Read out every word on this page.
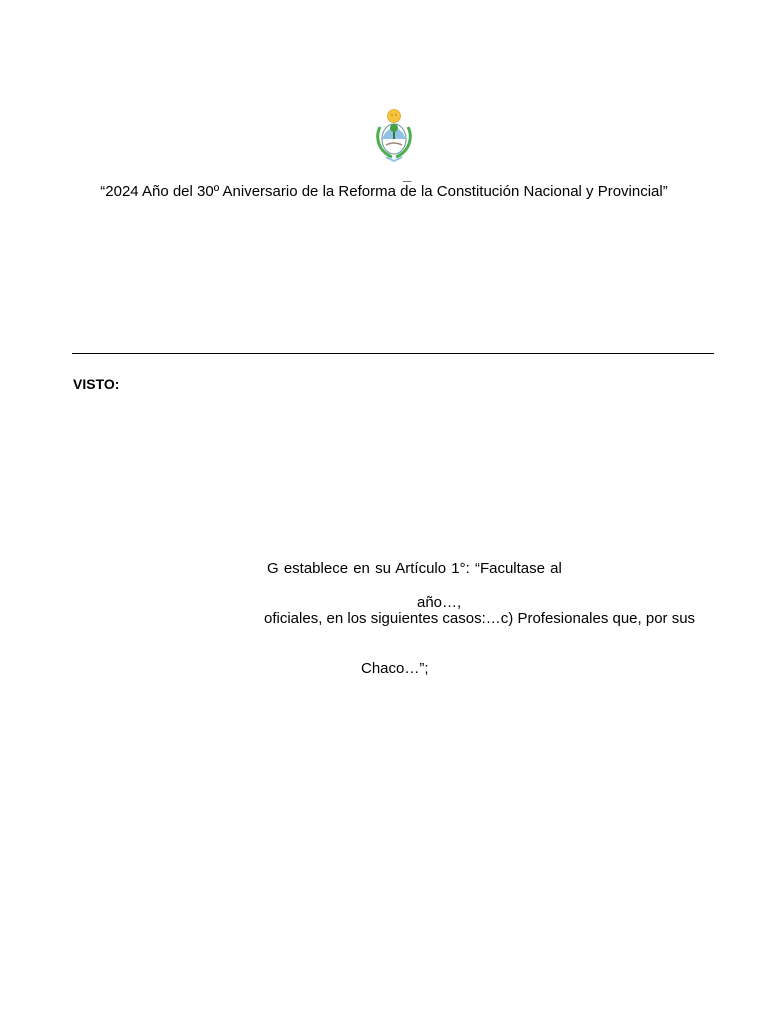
_
“2024 Año del 30º Aniversario de la Reforma de la Constitución Nacional y Provincial”
VISTO:
G establece en su Artículo 1°: “Facultase al
año…,
oficiales, en los siguientes casos:…c) Profesionales que, por sus
Chaco…”;
